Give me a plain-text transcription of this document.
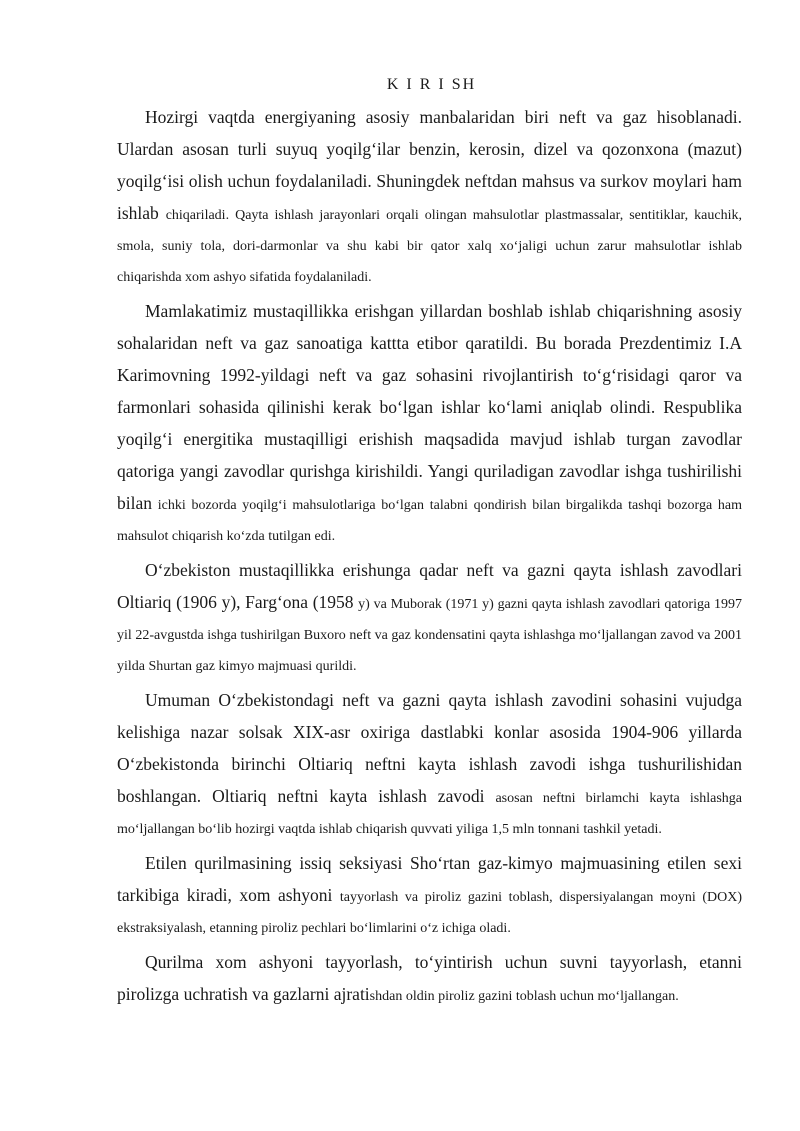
K I R I SH

Hozirgi vaqtda energiyaning asosiy manbalaridan biri neft va gaz hisoblanadi. Ulardan asosan turli suyuq yoqilg‘ilar benzin, kerosin, dizel va qozonxona (mazut) yoqilg‘isi olish uchun foydalaniladi. Shuningdek neftdan mahsus va surkov moylari ham ishlab chiqariladi. Qayta ishlash jarayonlari orqali olingan mahsulotlar plastmassalar, sentitiklar, kauchik, smola, suniy tola, dori-darmonlar va shu kabi bir qator xalq xo‘jaligi uchun zarur mahsulotlar ishlab chiqarishda xom ashyo sifatida foydalaniladi.

Mamlakatimiz mustaqillikka erishgan yillardan boshlab ishlab chiqarishning asosiy sohalaridan neft va gaz sanoatiga kattta etibor qaratildi. Bu borada Prezdentimiz I.A Karimovning 1992-yildagi neft va gaz sohasini rivojlantirish to‘g‘risidagi qaror va farmonlari sohasida qilinishi kerak bo‘lgan ishlar ko‘lami aniqlab olindi. Respublika yoqilg‘i energitika mustaqilligi erishish maqsadida mavjud ishlab turgan zavodlar qatoriga yangi zavodlar qurishga kirishildi. Yangi quriladigan zavodlar ishga tushirilishi bilan ichki bozorda yoqilg‘i mahsulotlariga bo‘lgan talabni qondirish bilan birgalikda tashqi bozorga ham mahsulot chiqarish ko‘zda tutilgan edi.

O‘zbekiston mustaqillikka erishunga qadar neft va gazni qayta ishlash zavodlari Oltiariq (1906 y), Farg‘ona (1958 y) va Muborak (1971 y) gazni qayta ishlash zavodlari qatoriga 1997 yil 22-avgustda ishga tushirilgan Buxoro neft va gaz kondensatini qayta ishlashga mo‘ljallangan zavod va 2001 yilda Shurtan gaz kimyo majmuasi qurildi.

Umuman O‘zbekistondagi neft va gazni qayta ishlash zavodini sohasini vujudga kelishiga nazar solsak XIX-asr oxiriga dastlabki konlar asosida 1904-906 yillarda O‘zbekistonda birinchi Oltiariq neftni kayta ishlash zavodi ishga tushurilishidan boshlangan. Oltiariq neftni kayta ishlash zavodi asosan neftni birlamchi kayta ishlashga mo‘ljallangan bo‘lib hozirgi vaqtda ishlab chiqarish quvvati yiliga 1,5 mln tonnani tashkil yetadi.

Etilen qurilmasining issiq seksiyasi Sho‘rtan gaz-kimyo majmuasining etilen sexi tarkibiga kiradi, xom ashyoni tayyorlash va piroliz gazini toblash, dispersiyalangan moyni (DOX) ekstraksiyalash, etanning piroliz pechlari bo‘limlarini o‘z ichiga oladi.

Qurilma xom ashyoni tayyorlash, to‘yintirish uchun suvni tayyorlash, etanni pirolizga uchratish va gazlarni ajratishdan oldin piroliz gazini toblash uchun mo‘ljallangan.
